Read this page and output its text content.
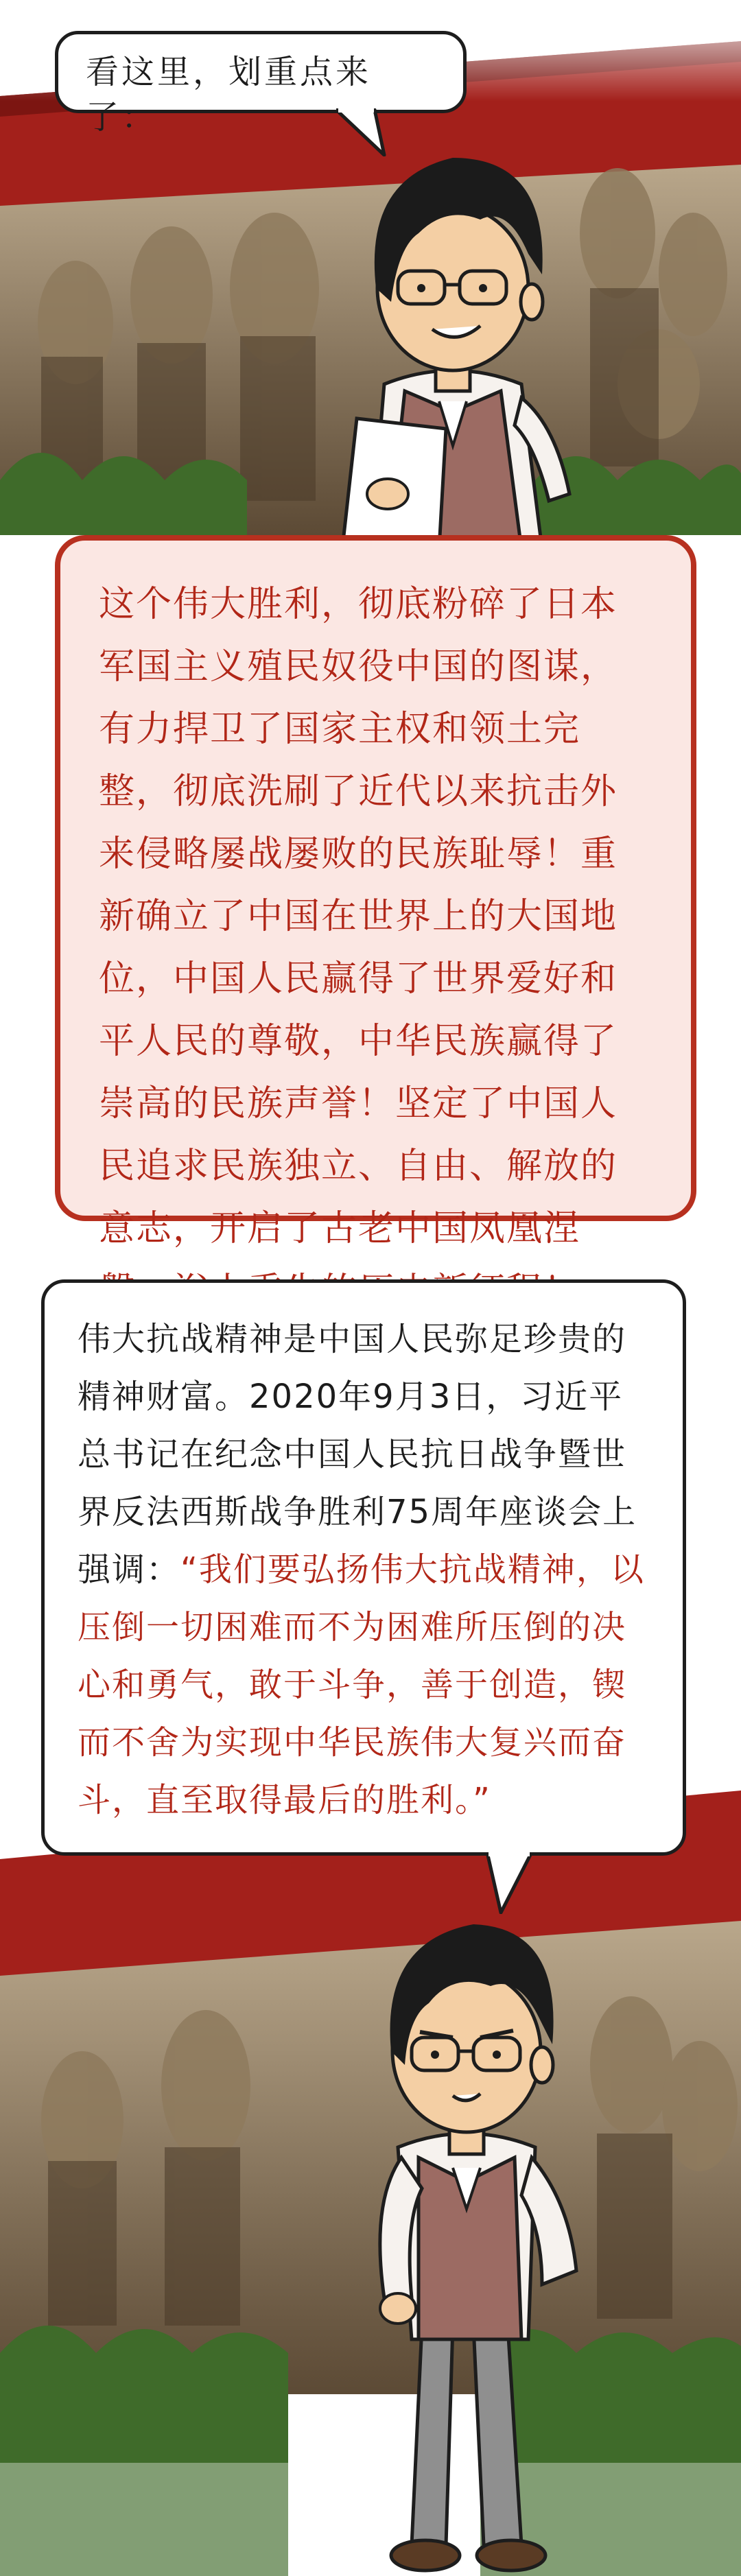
看这里，划重点来了：

这个伟大胜利，彻底粉碎了日本军国主义殖民奴役中国的图谋，有力捍卫了国家主权和领土完整，彻底洗刷了近代以来抗击外来侵略屡战屡败的民族耻辱！重新确立了中国在世界上的大国地位，中国人民赢得了世界爱好和平人民的尊敬，中华民族赢得了崇高的民族声誉！坚定了中国人民追求民族独立、自由、解放的意志，开启了古老中国凤凰涅

伟大抗战精神是中国人民弥足珍贵的精神财富。2020年9月3日，习近平总书记在纪念中国人民抗日战争暨世界反法西斯战争胜利75周年座谈会上强调：“我们要弘扬伟大抗战精神，以压倒一切困难而不为困难所压倒的决心和勇气，敢于斗争，善于创造，锲而不舍为实现中华民族伟大复兴而奋斗，直至取得最后的胜利。”
